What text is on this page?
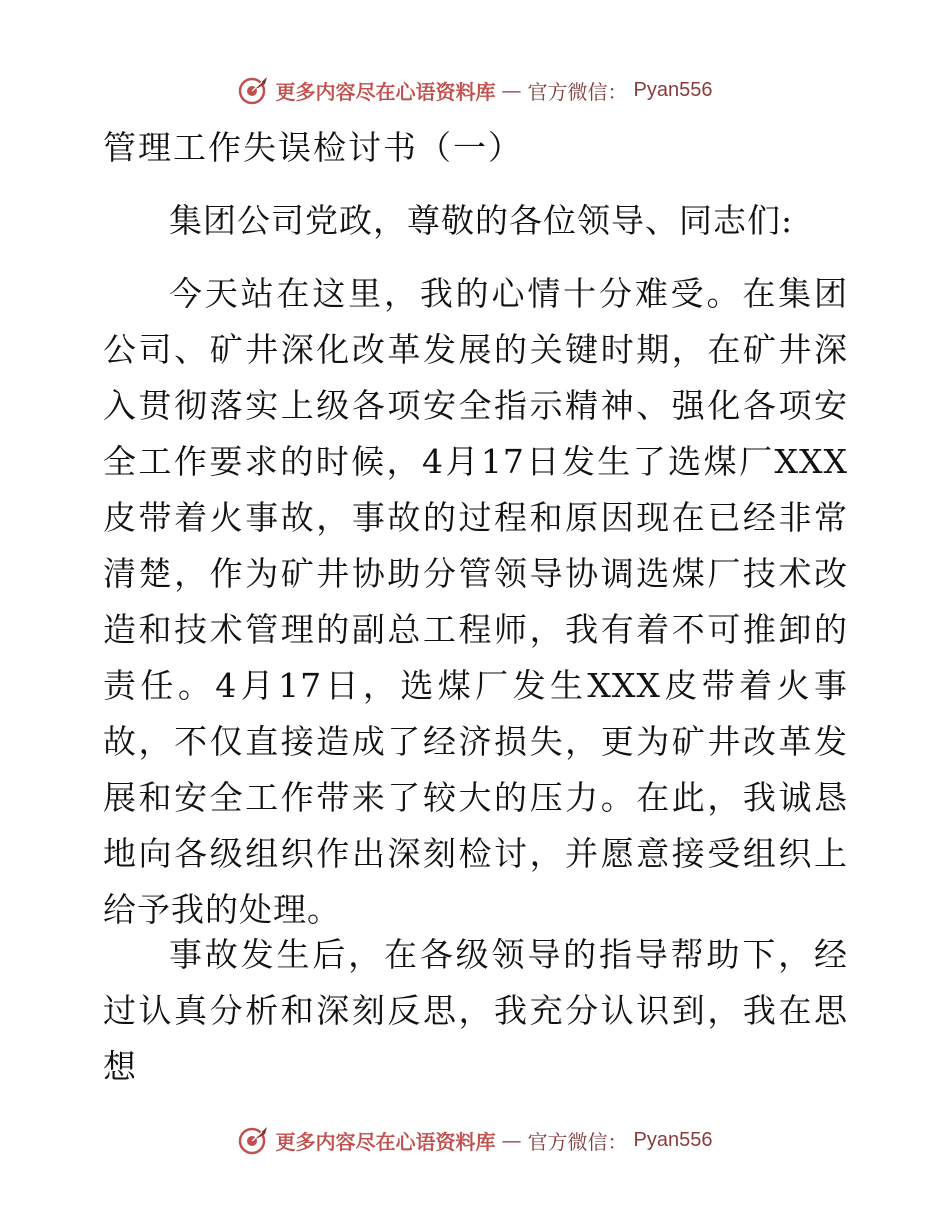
更多内容尽在心语资料库 — 官方微信： Pyan556
管理工作失误检讨书（一）

集团公司党政，尊敬的各位领导、同志们:

今天站在这里，我的心情十分难受。在集团公司、矿井深化改革发展的关键时期，在矿井深入贯彻落实上级各项安全指示精神、强化各项安全工作要求的时候，4月17日发生了选煤厂XXX皮带着火事故，事故的过程和原因现在已经非常清楚，作为矿井协助分管领导协调选煤厂技术改造和技术管理的副总工程师，我有着不可推卸的责任。4月17日，选煤厂发生XXX皮带着火事故，不仅直接造成了经济损失，更为矿井改革发展和安全工作带来了较大的压力。在此，我诚恳地向各级组织作出深刻检讨，并愿意接受组织上给予我的处理。

事故发生后，在各级领导的指导帮助下，经过认真分析和深刻反思，我充分认识到，我在思想

更多内容尽在心语资料库 — 官方微信： Pyan556
